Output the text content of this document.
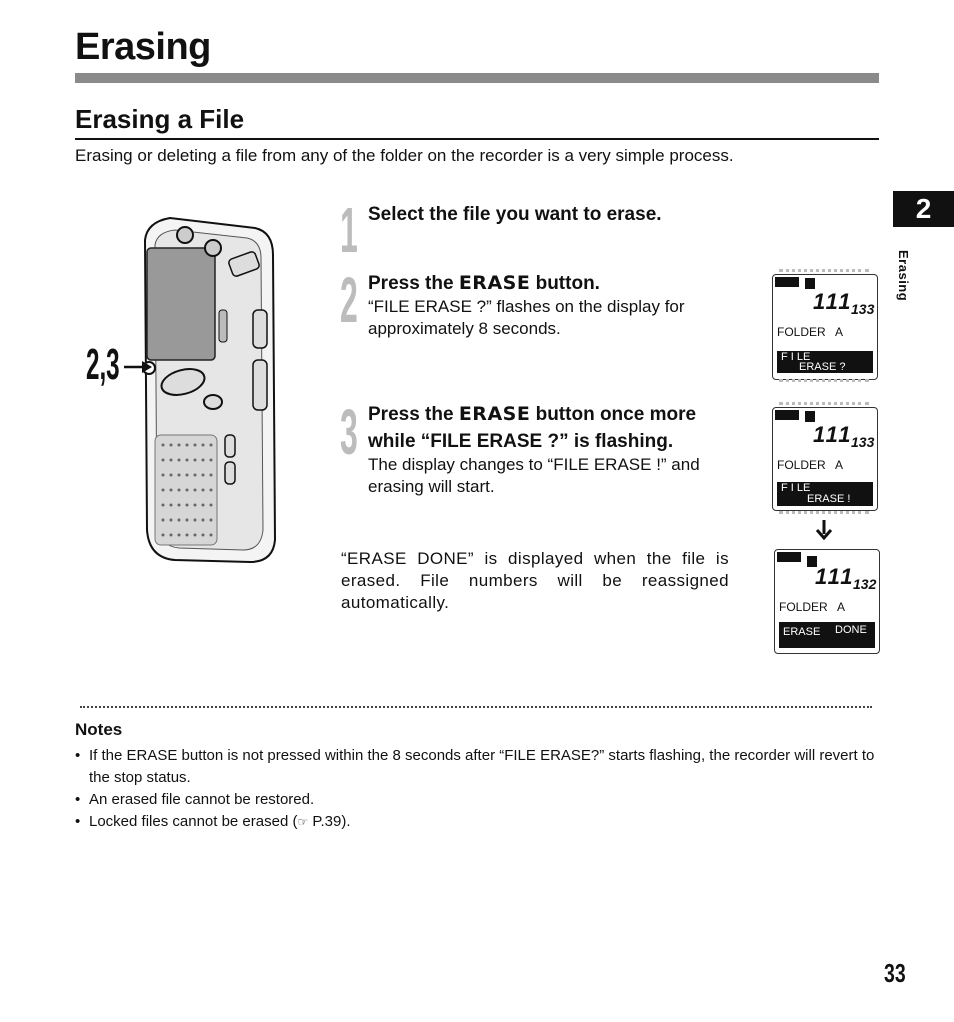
Erasing
Erasing a File
Erasing or deleting a file from any of the folder on the recorder is a very simple process.
2
Erasing
2,3
1 Select the file you want to erase.
2 Press the ERASE button.
“FILE ERASE ?” flashes on the display for approximately 8 seconds.
3 Press the ERASE button once more while “FILE ERASE ?” is flashing.
The display changes to “FILE ERASE !” and erasing will start.
“ERASE DONE” is displayed when the file is erased. File numbers will be reassigned automatically.
111
133
FOLDER   A
F I LE
ERASE ?
111
133
FOLDER   A
F I LE
ERASE !
111
132
FOLDER   A
ERASE DONE
Notes
• If the ERASE button is not pressed within the 8 seconds after “FILE ERASE?” starts flashing, the recorder will revert to the stop status.
• An erased file cannot be restored.
• Locked files cannot be erased (☞ P.39).
33
